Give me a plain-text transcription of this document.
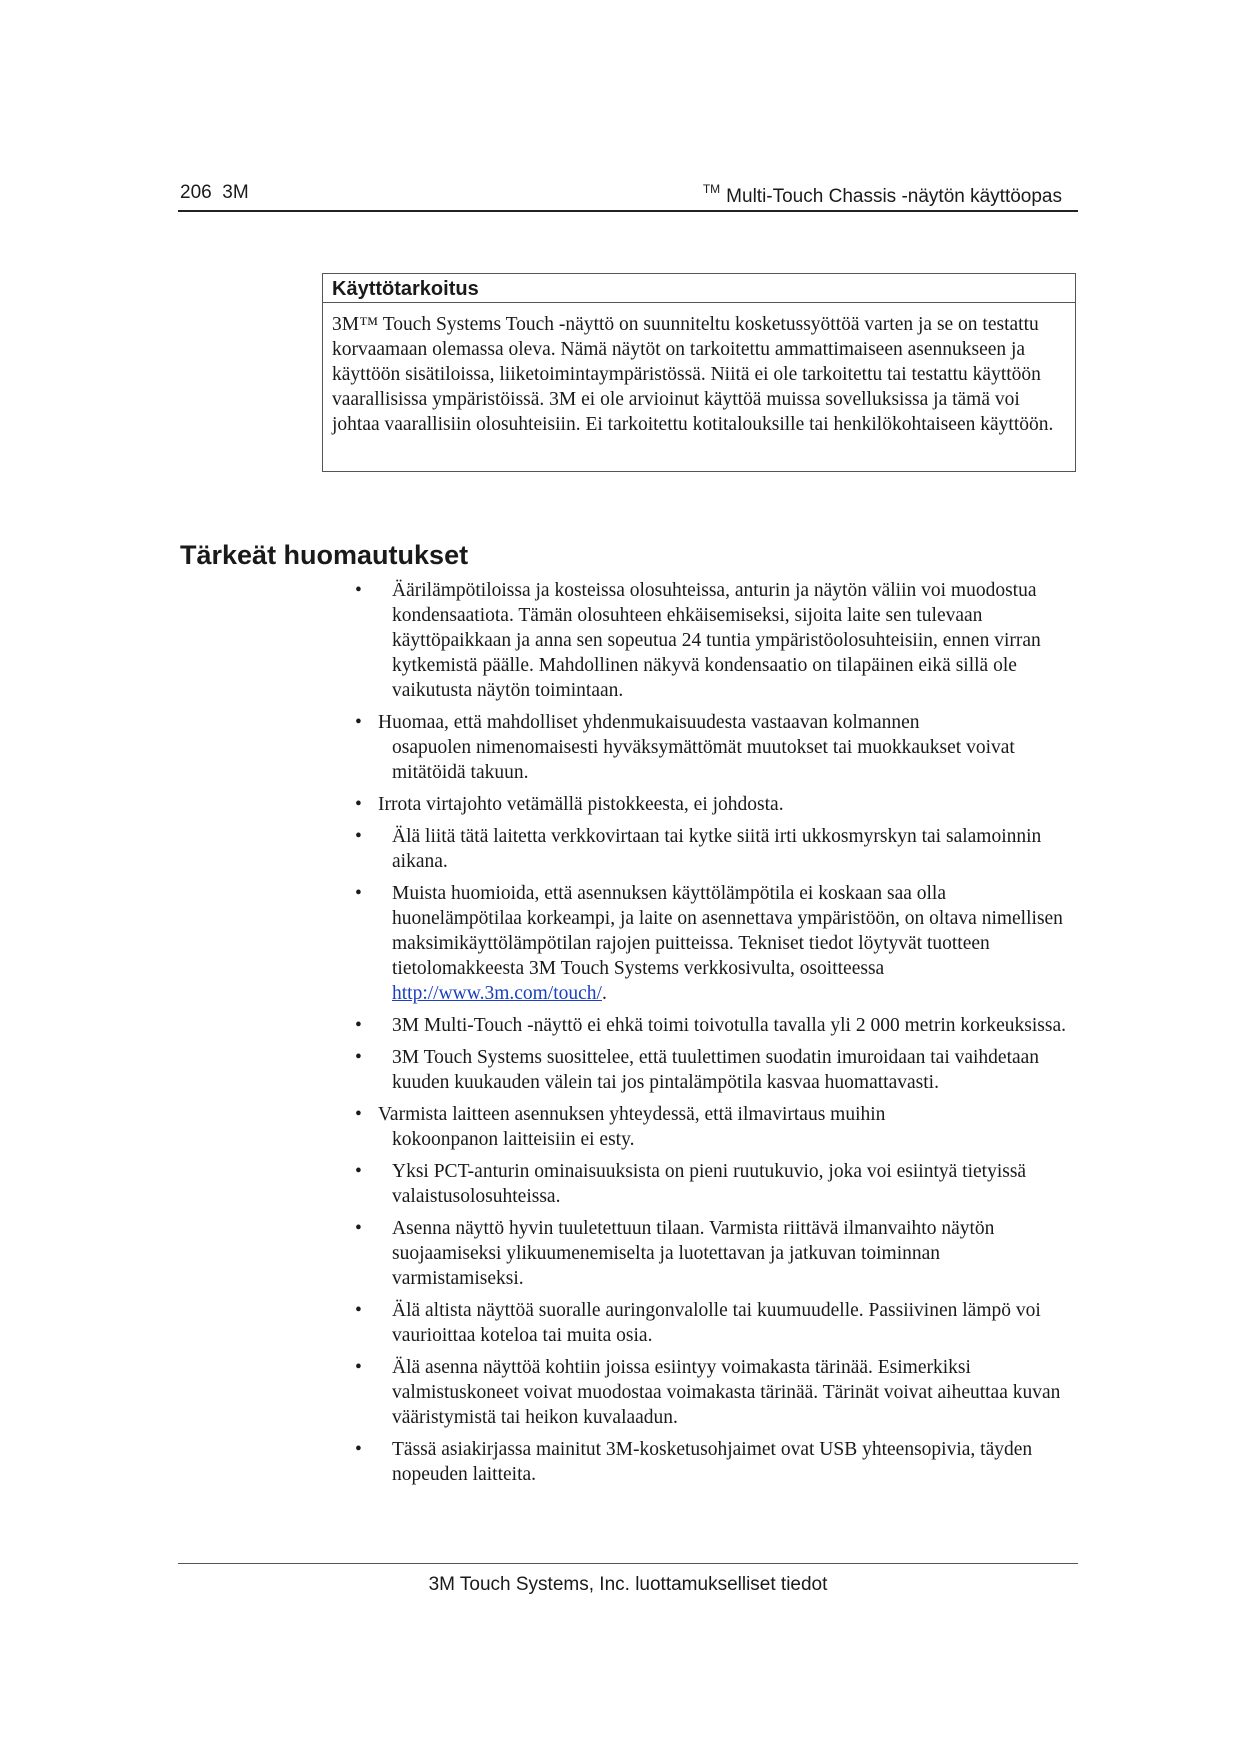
206 3M	™ Multi-Touch Chassis -näytön käyttöopas
Käyttötarkoitus
3M™ Touch Systems Touch -näyttö on suunniteltu kosketussyöttöä varten ja se on testattu korvaamaan olemassa oleva. Nämä näytöt on tarkoitettu ammattimaiseen asennukseen ja käyttöön sisätiloissa, liiketoimintaympäristössä. Niitä ei ole tarkoitettu tai testattu käyttöön vaarallisissa ympäristöissä. 3M ei ole arvioinut käyttöä muissa sovelluksissa ja tämä voi johtaa vaarallisiin olosuhteisiin. Ei tarkoitettu kotitalouksille tai henkilökohtaiseen käyttöön.
Tärkeät huomautukset
• Äärilämpötiloissa ja kosteissa olosuhteissa, anturin ja näytön väliin voi muodostua kondensaatiota. Tämän olosuhteen ehkäisemiseksi, sijoita laite sen tulevaan käyttöpaikkaan ja anna sen sopeutua 24 tuntia ympäristöolosuhteisiin, ennen virran kytkemistä päälle. Mahdollinen näkyvä kondensaatio on tilapäinen eikä sillä ole vaikutusta näytön toimintaan.
• Huomaa, että mahdolliset yhdenmukaisuudesta vastaavan kolmannen
osapuolen nimenomaisesti hyväksymättömät muutokset tai muokkaukset voivat mitätöidä takuun.
• Irrota virtajohto vetämällä pistokkeesta, ei johdosta.
• Älä liitä tätä laitetta verkkovirtaan tai kytke siitä irti ukkosmyrskyn tai salamoinnin aikana.
• Muista huomioida, että asennuksen käyttölämpötila ei koskaan saa olla huonelämpötilaa korkeampi, ja laite on asennettava ympäristöön, on oltava nimellisen maksimikäyttölämpötilan rajojen puitteissa. Tekniset tiedot löytyvät tuotteen tietolomakkeesta 3M Touch Systems verkkosivulta, osoitteessa http://www.3m.com/touch/.
• 3M Multi-Touch -näyttö ei ehkä toimi toivotulla tavalla yli 2 000 metrin korkeuksissa.
• 3M Touch Systems suosittelee, että tuulettimen suodatin imuroidaan tai vaihdetaan kuuden kuukauden välein tai jos pintalämpötila kasvaa huomattavasti.
• Varmista laitteen asennuksen yhteydessä, että ilmavirtaus muihin
kokoonpanon laitteisiin ei esty.
• Yksi PCT-anturin ominaisuuksista on pieni ruutukuvio, joka voi esiintyä tietyissä valaistusolosuhteissa.
• Asenna näyttö hyvin tuuletettuun tilaan. Varmista riittävä ilmanvaihto näytön suojaamiseksi ylikuumenemiselta ja luotettavan ja jatkuvan toiminnan varmistamiseksi.
• Älä altista näyttöä suoralle auringonvalolle tai kuumuudelle. Passiivinen lämpö voi vaurioittaa koteloa tai muita osia.
• Älä asenna näyttöä kohtiin joissa esiintyy voimakasta tärinää. Esimerkiksi valmistuskoneet voivat muodostaa voimakasta tärinää. Tärinät voivat aiheuttaa kuvan vääristymistä tai heikon kuvalaadun.
• Tässä asiakirjassa mainitut 3M-kosketusohjaimet ovat USB yhteensopivia, täyden nopeuden laitteita.
3M Touch Systems, Inc. luottamukselliset tiedot
